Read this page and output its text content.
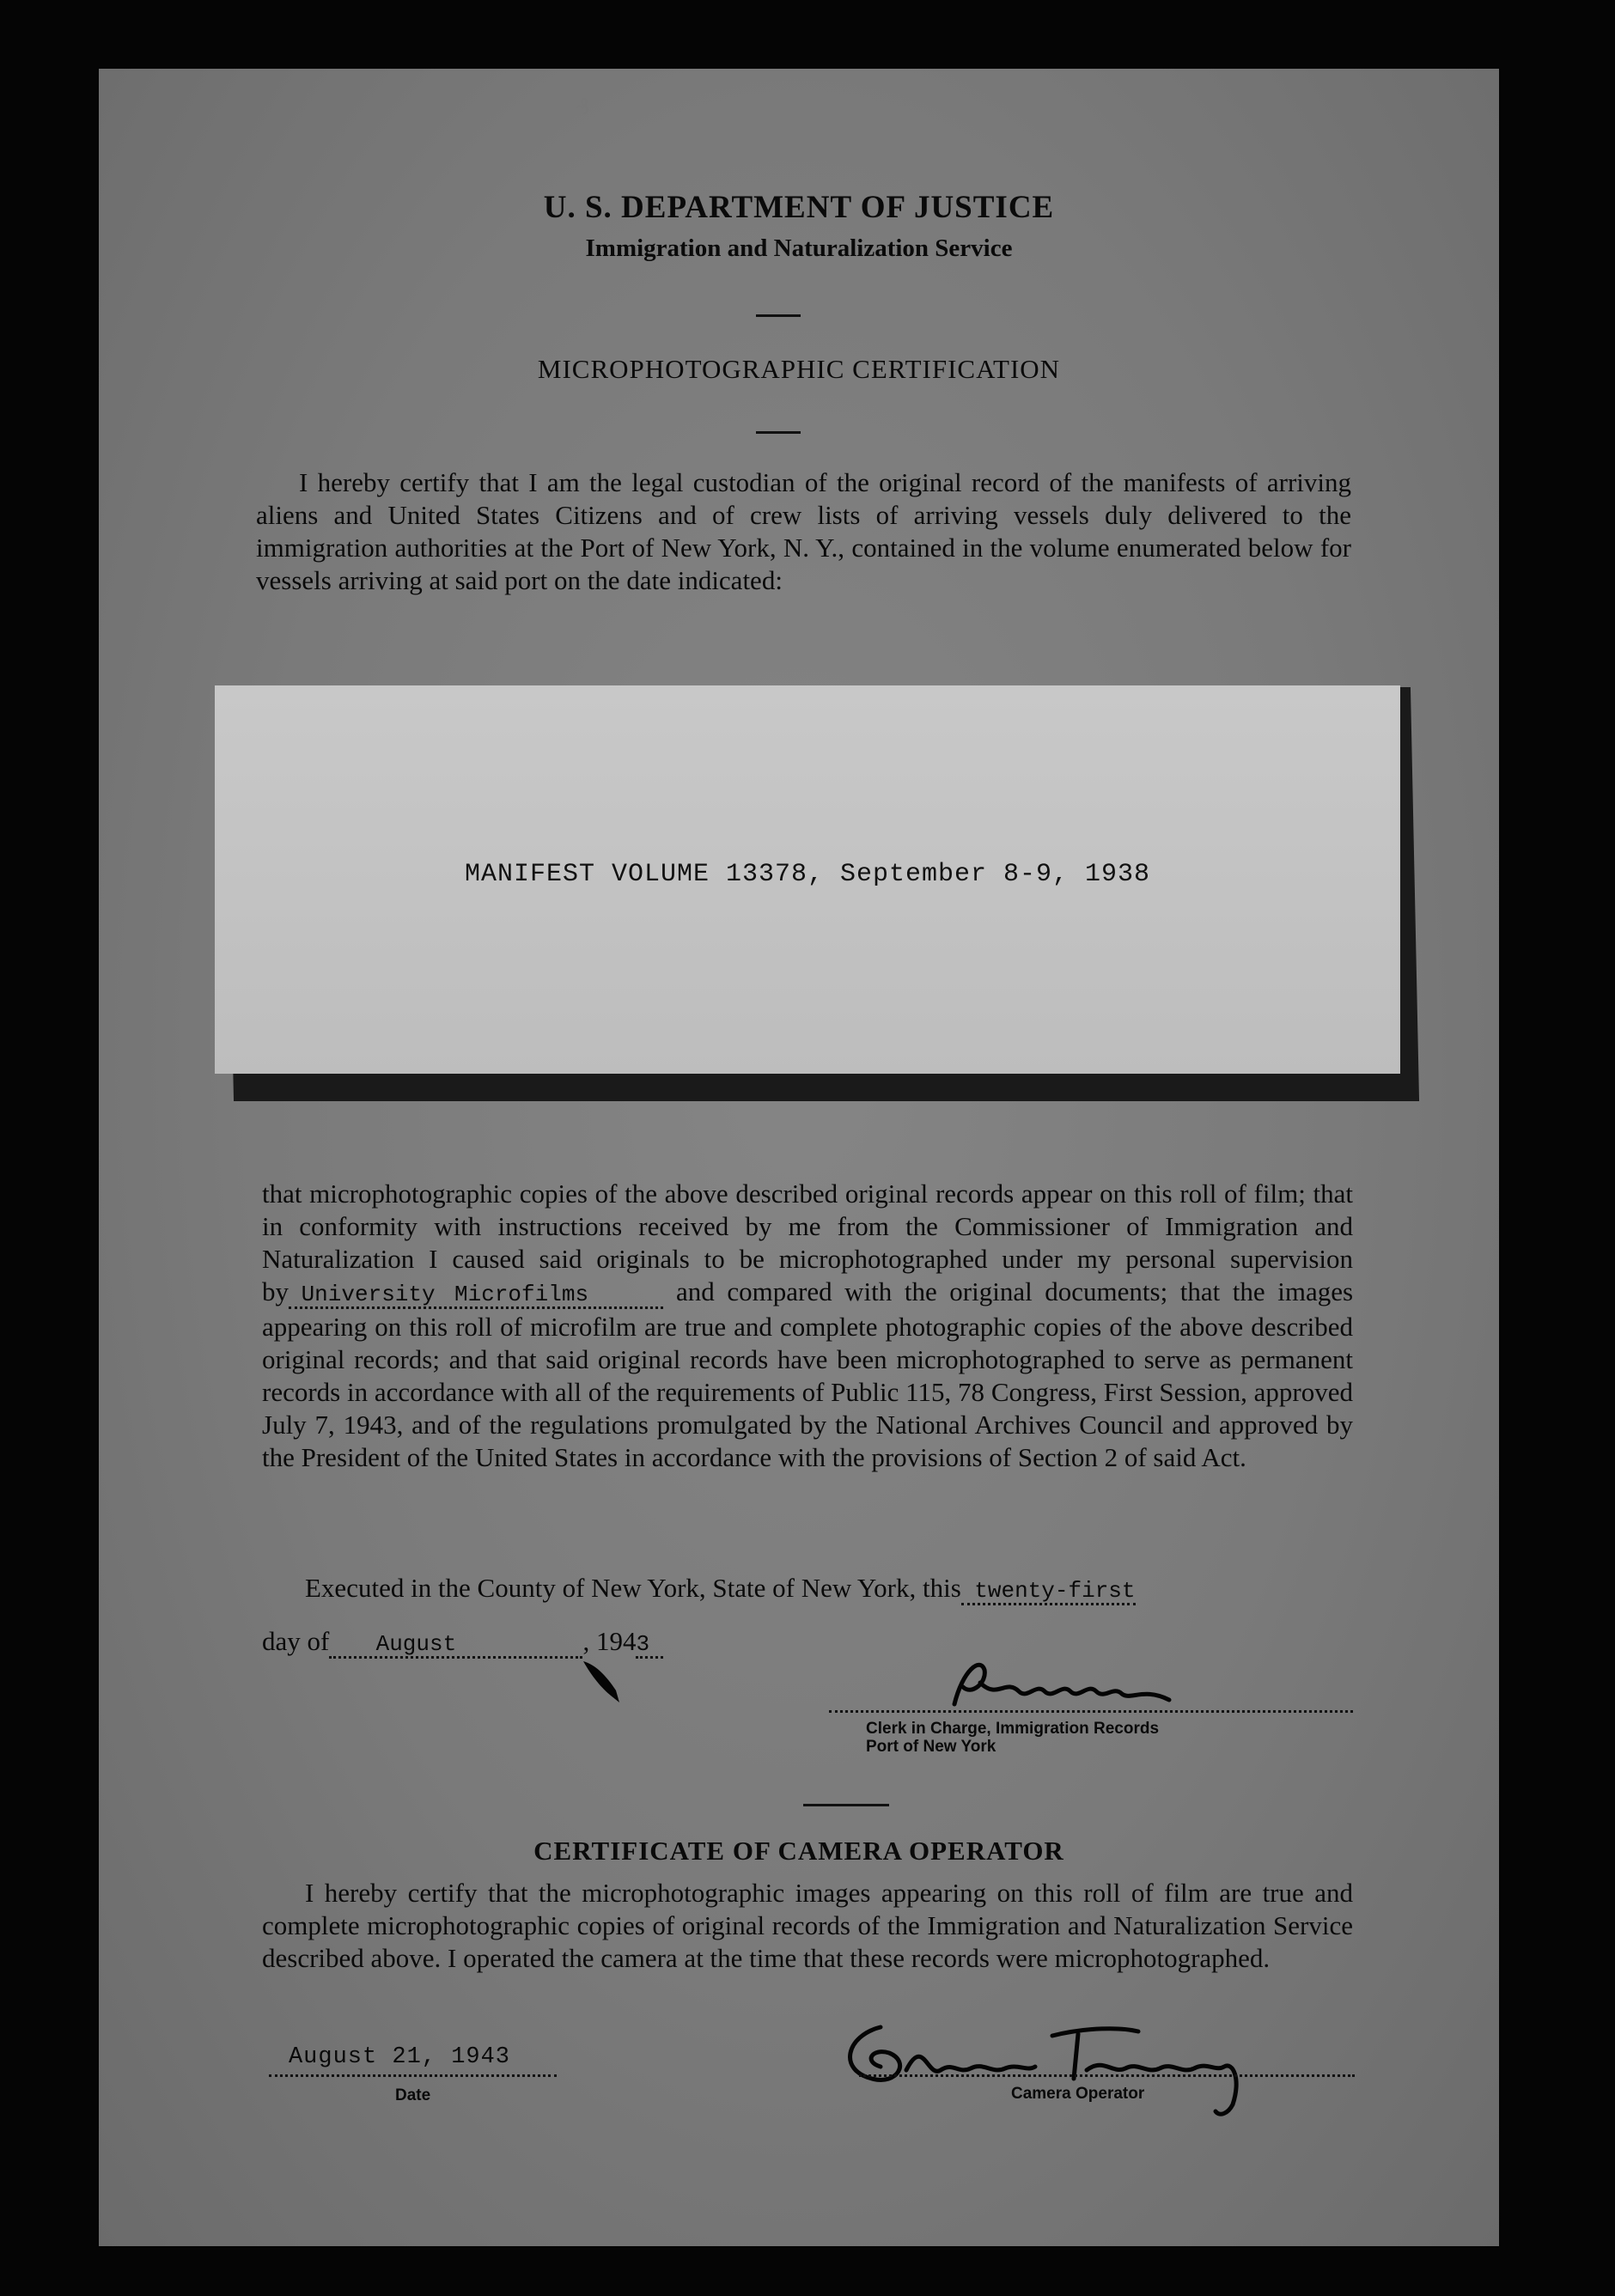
₰
U. S. DEPARTMENT OF JUSTICE
Immigration and Naturalization Service
MICROPHOTOGRAPHIC CERTIFICATION

I hereby certify that I am the legal custodian of the original record of the manifests of arriving aliens and United States Citizens and of crew lists of arriving vessels duly delivered to the immigration authorities at the Port of New York, N. Y., contained in the volume enumerated below for vessels arriving at said port on the date indicated:

MANIFEST VOLUME 13378, September 8-9, 1938

that microphotographic copies of the above described original records appear on this roll of film; that in conformity with instructions received by me from the Commissioner of Immigration and Naturalization I caused said originals to be microphotographed under my personal supervision by University Microfilms	and compared with the original documents; that the images appearing on this roll of microfilm are true and complete photographic copies of the above described original records; and that said original records have been microphotographed to serve as permanent records in accordance with all of the requirements of Public 115, 78 Congress, First Session, approved July 7, 1943, and of the regulations promulgated by the National Archives Council and approved by the President of the United States in accordance with the provisions of Section 2 of said Act.

Executed in the County of New York, State of New York, this twenty-first
day of August	, 1943
Clerk in Charge, Immigration Records
Port of New York
CERTIFICATE OF CAMERA OPERATOR

I hereby certify that the microphotographic images appearing on this roll of film are true and complete microphotographic copies of original records of the Immigration and Naturalization Service described above. I operated the camera at the time that these records were microphotographed.

August 21, 1943
Date	Camera Operator
